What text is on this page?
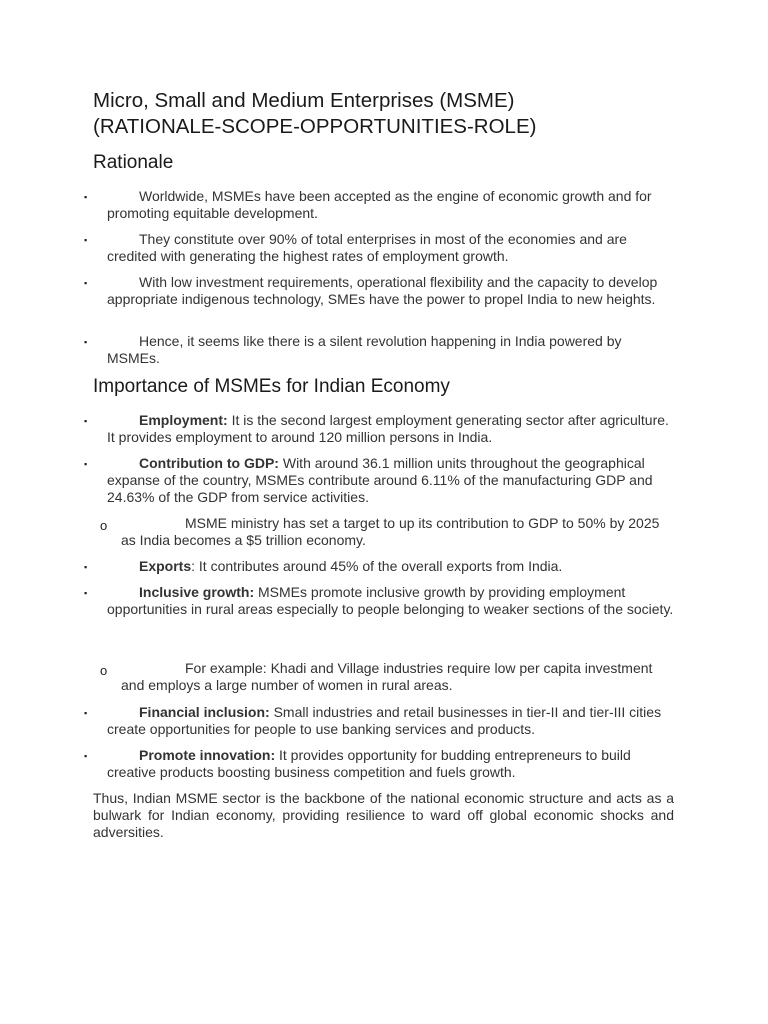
Micro, Small and Medium Enterprises (MSME)
(RATIONALE-SCOPE-OPPORTUNITIES-ROLE)
Rationale
▪	Worldwide, MSMEs have been accepted as the engine of economic growth and for promoting equitable development.

▪	They constitute over 90% of total enterprises in most of the economies and are credited with generating the highest rates of employment growth.

▪	With low investment requirements, operational flexibility and the capacity to develop appropriate indigenous technology, SMEs have the power to propel India to new heights.

▪	Hence, it seems like there is a silent revolution happening in India powered by MSMEs.

Importance of MSMEs for Indian Economy
▪	Employment: It is the second largest employment generating sector after agriculture. It provides employment to around 120 million persons in India.

▪	Contribution to GDP: With around 36.1 million units throughout the geographical expanse of the country, MSMEs contribute around 6.11% of the manufacturing GDP and 24.63% of the GDP from service activities.

o	MSME ministry has set a target to up its contribution to GDP to 50% by 2025 as India becomes a $5 trillion economy.

▪	Exports: It contributes around 45% of the overall exports from India.

▪	Inclusive growth: MSMEs promote inclusive growth by providing employment opportunities in rural areas especially to people belonging to weaker sections of the society.

o	For example: Khadi and Village industries require low per capita investment and employs a large number of women in rural areas.

▪	Financial inclusion: Small industries and retail businesses in tier-II and tier-III cities create opportunities for people to use banking services and products.

▪	Promote innovation: It provides opportunity for budding entrepreneurs to build creative products boosting business competition and fuels growth.

Thus, Indian MSME sector is the backbone of the national economic structure and acts as a bulwark for Indian economy, providing resilience to ward off global economic shocks and adversities.
